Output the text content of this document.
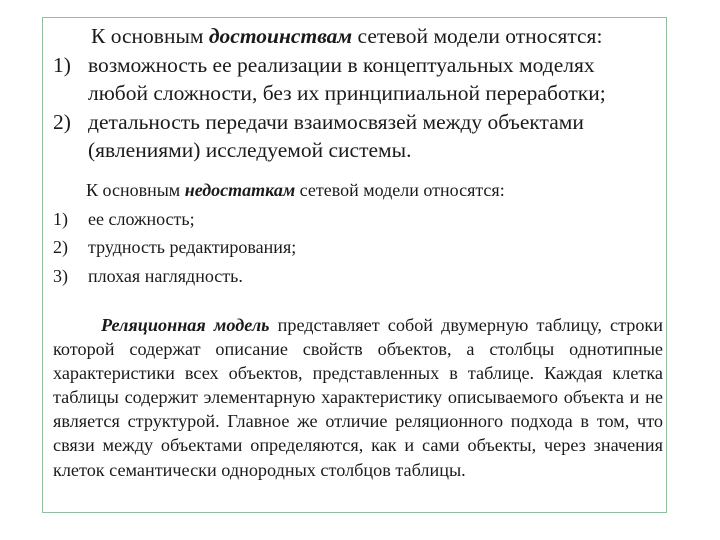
К основным достоинствам сетевой модели относятся:

1) возможность ее реализации в концептуальных моделях
любой сложности, без их принципиальной переработки;
2) детальность передачи взаимосвязей между объектами
(явлениями) исследуемой системы.

К основным недостаткам сетевой модели относятся:

1) ее сложность;
2) трудность редактирования;
3) плохая наглядность.

Реляционная модель представляет собой двумерную таблицу, строки которой содержат описание свойств объектов, а столбцы однотипные характеристики всех объектов, представленных в таблице. Каждая клетка таблицы содержит элементарную характеристику описываемого объекта и не является структурой. Главное же отличие реляционного подхода в том, что связи между объектами определяются, как и сами объекты, через значения клеток семантически однородных столбцов таблицы.
